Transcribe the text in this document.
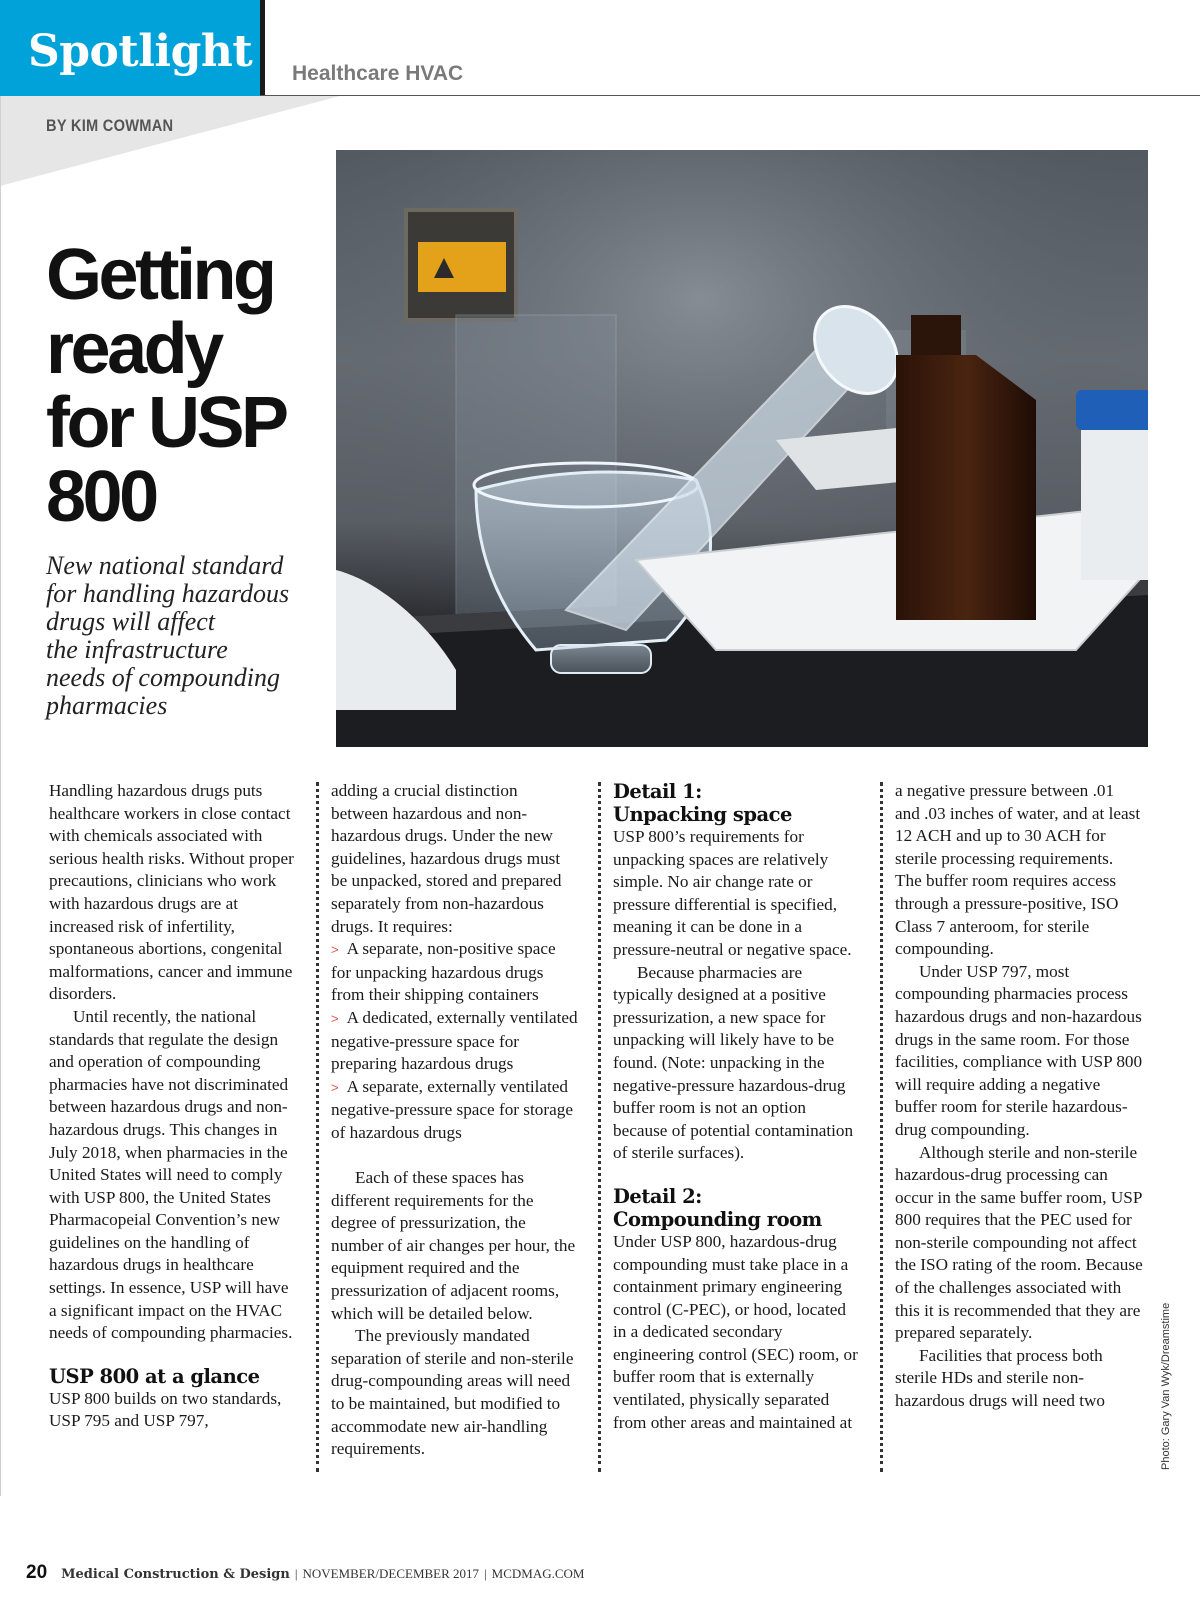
Spotlight Healthcare HVAC
BY KIM COWMAN
Getting
ready
for USP
800
New national standard
for handling hazardous
drugs will affect
the infrastructure
needs of compounding
pharmacies
Photo: Gary Van Wyk/Dreamstime

Handling hazardous drugs puts healthcare workers in close contact with chemicals associated with serious health risks. Without proper precautions, clinicians who work with hazardous drugs are at increased risk of infertility, spontaneous abortions, congenital malformations, cancer and immune disorders.

Until recently, the national standards that regulate the design and operation of compounding pharmacies have not discriminated between hazardous drugs and non-hazardous drugs. This changes in July 2018, when pharmacies in the United States will need to comply with USP 800, the United States Pharmacopeial Convention’s new guidelines on the handling of hazardous drugs in healthcare settings. In essence, USP will have a significant impact on the HVAC needs of compounding pharmacies.

USP 800 at a glance

USP 800 builds on two standards, USP 795 and USP 797,

adding a crucial distinction between hazardous and non-hazardous drugs. Under the new guidelines, hazardous drugs must be unpacked, stored and prepared separately from non-hazardous drugs. It requires:

> A separate, non-positive space for unpacking hazardous drugs from their shipping containers
> A dedicated, externally ventilated negative-pressure space for preparing hazardous drugs
> A separate, externally ventilated negative-pressure space for storage of hazardous drugs

Each of these spaces has different requirements for the degree of pressurization, the number of air changes per hour, the equipment required and the pressurization of adjacent rooms, which will be detailed below.

The previously mandated separation of sterile and non-sterile drug-compounding areas will need to be maintained, but modified to accommodate new air-handling requirements.

Detail 1:
Unpacking space

USP 800’s requirements for unpacking spaces are relatively simple. No air change rate or pressure differential is specified, meaning it can be done in a pressure-neutral or negative space.

Because pharmacies are typically designed at a positive pressurization, a new space for unpacking will likely have to be found. (Note: unpacking in the negative-pressure hazardous-drug buffer room is not an option because of potential contamination of sterile surfaces).

Detail 2:
Compounding room

Under USP 800, hazardous-drug compounding must take place in a containment primary engineering control (C-PEC), or hood, located in a dedicated secondary engineering control (SEC) room, or buffer room that is externally ventilated, physically separated from other areas and maintained at

a negative pressure between .01 and .03 inches of water, and at least 12 ACH and up to 30 ACH for sterile processing requirements. The buffer room requires access through a pressure-positive, ISO Class 7 anteroom, for sterile compounding.

Under USP 797, most compounding pharmacies process hazardous drugs and non-hazardous drugs in the same room. For those facilities, compliance with USP 800 will require adding a negative buffer room for sterile hazardous-drug compounding.

Although sterile and non-sterile hazardous-drug processing can occur in the same buffer room, USP 800 requires that the PEC used for non-sterile compounding not affect the ISO rating of the room. Because of the challenges associated with this it is recommended that they are prepared separately.

Facilities that process both sterile HDs and sterile non-hazardous drugs will need two

20 Medical Construction & Design | NOVEMBER/DECEMBER 2017 | MCDMAG.COM
